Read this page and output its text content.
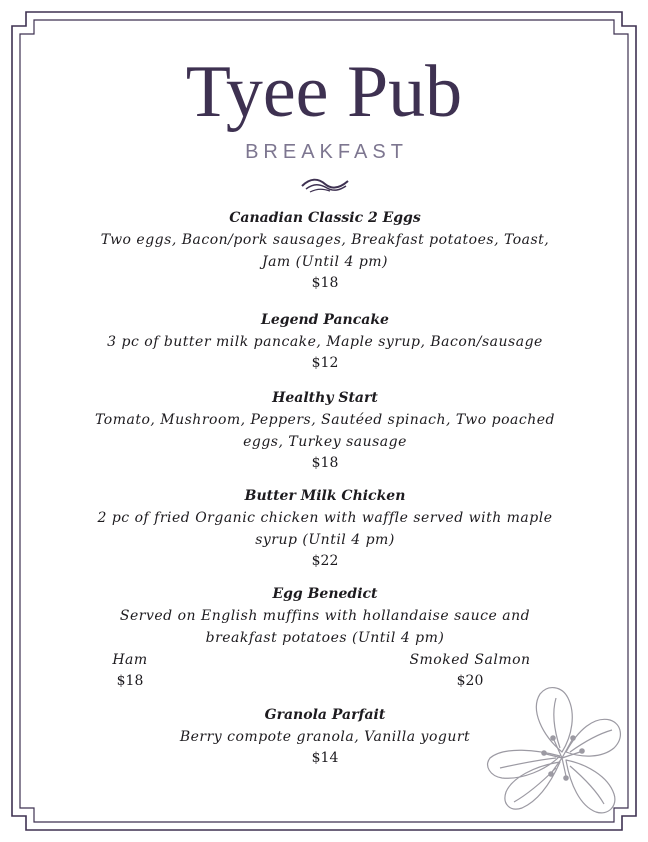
Tyee Pub
BREAKFAST
Canadian Classic 2 Eggs
Two eggs, Bacon/pork sausages, Breakfast potatoes, Toast,
Jam (Until 4 pm)
$18
Legend Pancake
3 pc of butter milk pancake, Maple syrup, Bacon/sausage
$12
Healthy Start
Tomato, Mushroom, Peppers, Sautéed spinach, Two poached
eggs, Turkey sausage
$18
Butter Milk Chicken
2 pc of fried Organic chicken with waffle served with maple
syrup (Until 4 pm)
$22
Egg Benedict
Served on English muffins with hollandaise sauce and
breakfast potatoes (Until 4 pm)
Ham
$18
Smoked Salmon
$20
Granola Parfait
Berry compote granola, Vanilla yogurt
$14
